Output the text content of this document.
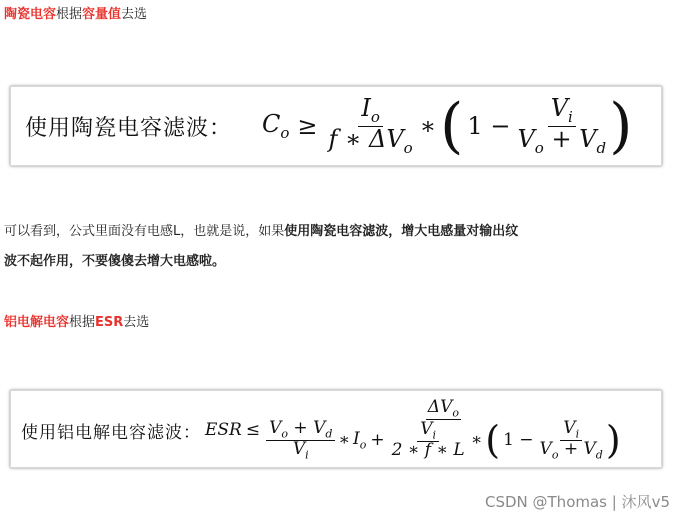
陶瓷电容根据容量值去选
使用陶瓷电容滤波： $C_o \ge \frac{I_o}{f ∗ \Delta V_o}$ ∗ ( $1 - \frac{V_i}{V_o + V_d}$ )
可以看到，公式里面没有电感L，也就是说，如果使用陶瓷电容滤波，增大电感量对输出纹
波不起作用，不要傻傻去增大电感啦。
铝电解电容根据ESR去选
使用铝电解电容滤波： ESR ≤
$\Delta V_o$
$\frac{V_o + V_d}{V_i}$ ∗ $I_o + \frac{V_i}{2 ∗ f ∗ L}$ ∗ ( $1 - \frac{V_i}{V_o + V_d}$ )
CSDN @Thomas | 沐风v5
